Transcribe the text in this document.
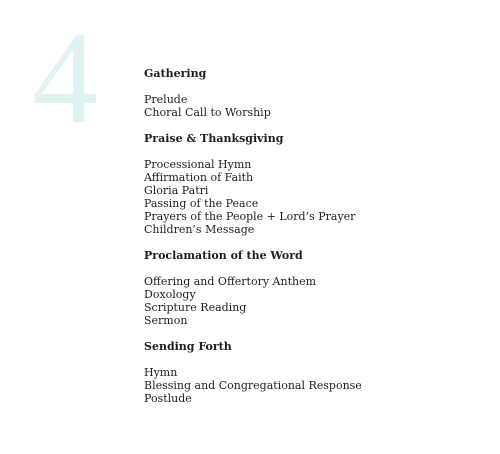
4	Gathering
Prelude
Choral Call to Worship
Praise & Thanksgiving
Processional Hymn
Affirmation of Faith
Gloria Patri
Passing of the Peace
Prayers of the People + Lord’s Prayer
Children’s Message
Proclamation of the Word
Offering and Offertory Anthem
Doxology
Scripture Reading
Sermon
Sending Forth
Hymn
Blessing and Congregational Response
Postlude
